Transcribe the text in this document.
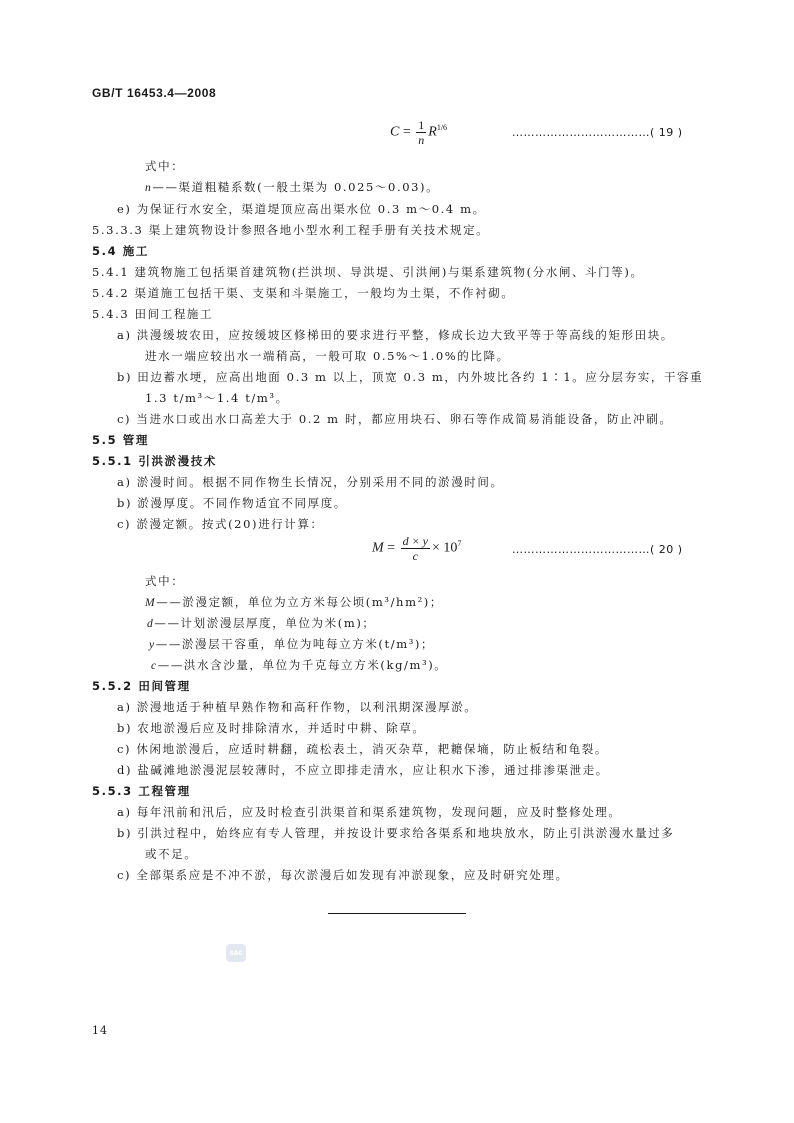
GB/T 16453.4—2008
$C = \frac{1}{n} R^{1/6}$	………………………………( 19 )
式中：
n——渠道粗糙系数(一般土渠为 0.025～0.03)。
e) 为保证行水安全，渠道堤顶应高出渠水位 0.3 m～0.4 m。
5.3.3.3 渠上建筑物设计参照各地小型水利工程手册有关技术规定。
5.4 施工
5.4.1 建筑物施工包括渠首建筑物(拦洪坝、导洪堤、引洪闸)与渠系建筑物(分水闸、斗门等)。
5.4.2 渠道施工包括干渠、支渠和斗渠施工，一般均为土渠，不作衬砌。
5.4.3 田间工程施工
a) 洪漫缓坡农田，应按缓坡区修梯田的要求进行平整，修成长边大致平等于等高线的矩形田块。
进水一端应较出水一端稍高，一般可取 0.5%～1.0%的比降。
b) 田边蓄水埂，应高出地面 0.3 m 以上，顶宽 0.3 m，内外坡比各约 1∶1。应分层夯实，干容重
1.3 t/m³～1.4 t/m³。
c) 当进水口或出水口高差大于 0.2 m 时，都应用块石、卵石等作成简易消能设备，防止冲刷。
5.5 管理
5.5.1 引洪淤漫技术
a) 淤漫时间。根据不同作物生长情况，分别采用不同的淤漫时间。
b) 淤漫厚度。不同作物适宜不同厚度。
c) 淤漫定额。按式(20)进行计算：
$M = \frac{d \times y}{c} \times 10^7$	………………………………( 20 )
式中：
M——淤漫定额，单位为立方米每公顷(m³/hm²)；
d——计划淤漫层厚度，单位为米(m)；
y——淤漫层干容重，单位为吨每立方米(t/m³)；
c——洪水含沙量，单位为千克每立方米(kg/m³)。
5.5.2 田间管理
a) 淤漫地适于种植早熟作物和高秆作物，以利汛期深漫厚淤。
b) 农地淤漫后应及时排除清水，并适时中耕、除草。
c) 休闲地淤漫后，应适时耕翻，疏松表土，消灭杂草，耙耱保墒，防止板结和龟裂。
d) 盐碱滩地淤漫泥层较薄时，不应立即排走清水，应让积水下渗，通过排渗渠泄走。
5.5.3 工程管理
a) 每年汛前和汛后，应及时检查引洪渠首和渠系建筑物，发现问题，应及时整修处理。
b) 引洪过程中，始终应有专人管理，并按设计要求给各渠系和地块放水，防止引洪淤漫水量过多
或不足。
c) 全部渠系应是不冲不淤，每次淤漫后如发现有冲淤现象，应及时研究处理。
SAC
14
